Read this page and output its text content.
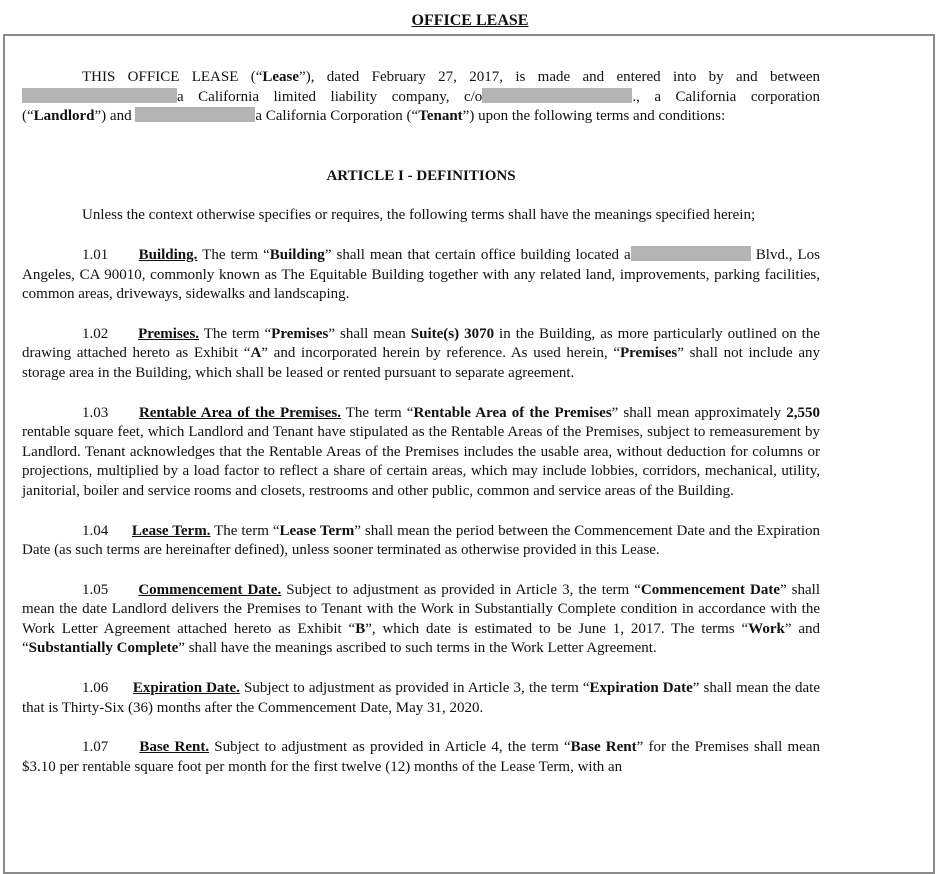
OFFICE LEASE

THIS OFFICE LEASE (“Lease”), dated February 27, 2017, is made and entered into by and between a California limited liability company, c/o	., a California corporation (“Landlord”) and	a California Corporation (“Tenant”) upon the following terms and conditions:

ARTICLE I - DEFINITIONS

Unless the context otherwise specifies or requires, the following terms shall have the meanings specified herein;

1.01 Building. The term “Building” shall mean that certain office building located a	Blvd., Los Angeles, CA 90010, commonly known as The Equitable Building together with any related land, improvements, parking facilities, common areas, driveways, sidewalks and landscaping.

1.02 Premises. The term “Premises” shall mean Suite(s) 3070 in the Building, as more particularly outlined on the drawing attached hereto as Exhibit “A” and incorporated herein by reference. As used herein, “Premises” shall not include any storage area in the Building, which shall be leased or rented pursuant to separate agreement.

1.03 Rentable Area of the Premises. The term “Rentable Area of the Premises” shall mean approximately 2,550 rentable square feet, which Landlord and Tenant have stipulated as the Rentable Areas of the Premises, subject to remeasurement by Landlord. Tenant acknowledges that the Rentable Areas of the Premises includes the usable area, without deduction for columns or projections, multiplied by a load factor to reflect a share of certain areas, which may include lobbies, corridors, mechanical, utility, janitorial, boiler and service rooms and closets, restrooms and other public, common and service areas of the Building.

1.04 Lease Term. The term “Lease Term” shall mean the period between the Commencement Date and the Expiration Date (as such terms are hereinafter defined), unless sooner terminated as otherwise provided in this Lease.

1.05 Commencement Date. Subject to adjustment as provided in Article 3, the term “Commencement Date” shall mean the date Landlord delivers the Premises to Tenant with the Work in Substantially Complete condition in accordance with the Work Letter Agreement attached hereto as Exhibit “B”, which date is estimated to be June 1, 2017. The terms “Work” and “Substantially Complete” shall have the meanings ascribed to such terms in the Work Letter Agreement.

1.06 Expiration Date. Subject to adjustment as provided in Article 3, the term “Expiration Date” shall mean the date that is Thirty-Six (36) months after the Commencement Date, May 31, 2020.

1.07 Base Rent. Subject to adjustment as provided in Article 4, the term “Base Rent” for the Premises shall mean $3.10 per rentable square foot per month for the first twelve (12) months of the Lease Term, with an
